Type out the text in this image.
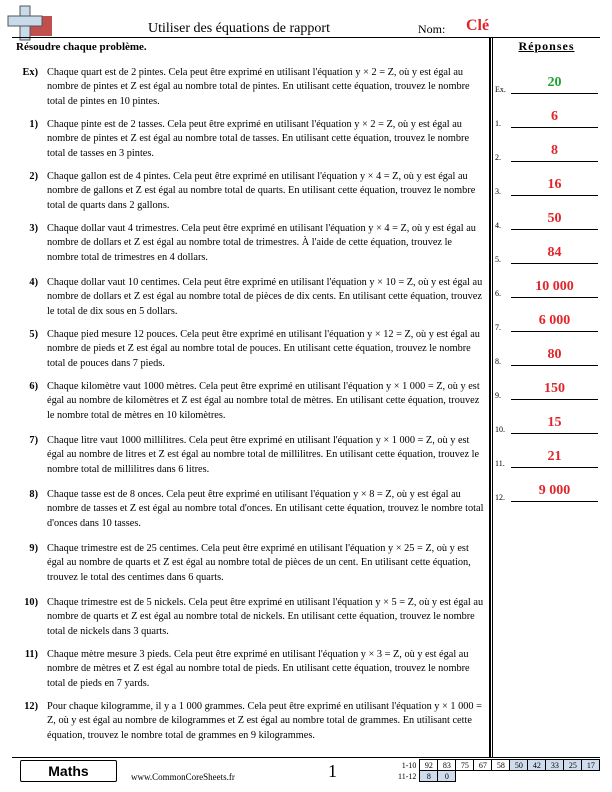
Utiliser des équations de rapport	Nom: Clé
Résoudre chaque problème.	Réponses
Ex) Chaque quart est de 2 pintes. Cela peut être exprimé en utilisant l'équation y × 2 = Z, où y est égal au nombre de pintes et Z est égal au nombre total de pintes. En utilisant cette équation, trouvez le nombre total de pintes en 10 pintes.
1) Chaque pinte est de 2 tasses. Cela peut être exprimé en utilisant l'équation y × 2 = Z, où y est égal au nombre de pintes et Z est égal au nombre total de tasses. En utilisant cette équation, trouvez le nombre total de tasses en 3 pintes.
2) Chaque gallon est de 4 pintes. Cela peut être exprimé en utilisant l'équation y × 4 = Z, où y est égal au nombre de gallons et Z est égal au nombre total de quarts. En utilisant cette équation, trouvez le nombre total de quarts dans 2 gallons.
3) Chaque dollar vaut 4 trimestres. Cela peut être exprimé en utilisant l'équation y × 4 = Z, où y est égal au nombre de dollars et Z est égal au nombre total de trimestres. À l'aide de cette équation, trouvez le nombre total de trimestres en 4 dollars.
4) Chaque dollar vaut 10 centimes. Cela peut être exprimé en utilisant l'équation y × 10 = Z, où y est égal au nombre de dollars et Z est égal au nombre total de pièces de dix cents. En utilisant cette équation, trouvez le total de dix sous en 5 dollars.
5) Chaque pied mesure 12 pouces. Cela peut être exprimé en utilisant l'équation y × 12 = Z, où y est égal au nombre de pieds et Z est égal au nombre total de pouces. En utilisant cette équation, trouvez le nombre total de pouces dans 7 pieds.
6) Chaque kilomètre vaut 1000 mètres. Cela peut être exprimé en utilisant l'équation y × 1 000 = Z, où y est égal au nombre de kilomètres et Z est égal au nombre total de mètres. En utilisant cette équation, trouvez le nombre total de mètres en 10 kilomètres.
7) Chaque litre vaut 1000 millilitres. Cela peut être exprimé en utilisant l'équation y × 1 000 = Z, où y est égal au nombre de litres et Z est égal au nombre total de millilitres. En utilisant cette équation, trouvez le nombre total de millilitres dans 6 litres.
8) Chaque tasse est de 8 onces. Cela peut être exprimé en utilisant l'équation y × 8 = Z, où y est égal au nombre de tasses et Z est égal au nombre total d'onces. En utilisant cette équation, trouvez le nombre total d'onces dans 10 tasses.
9) Chaque trimestre est de 25 centimes. Cela peut être exprimé en utilisant l'équation y × 25 = Z, où y est égal au nombre de quarts et Z est égal au nombre total de pièces de un cent. En utilisant cette équation, trouvez le total des centimes dans 6 quarts.
10) Chaque trimestre est de 5 nickels. Cela peut être exprimé en utilisant l'équation y × 5 = Z, où y est égal au nombre de quarts et Z est égal au nombre total de nickels. En utilisant cette équation, trouvez le nombre total de nickels dans 3 quarts.
11) Chaque mètre mesure 3 pieds. Cela peut être exprimé en utilisant l'équation y × 3 = Z, où y est égal au nombre de mètres et Z est égal au nombre total de pieds. En utilisant cette équation, trouvez le nombre total de pieds en 7 yards.
12) Pour chaque kilogramme, il y a 1 000 grammes. Cela peut être exprimé en utilisant l'équation y × 1 000 = Z, où y est égal au nombre de kilogrammes et Z est égal au nombre total de grammes. En utilisant cette équation, trouvez le nombre total de grammes en 9 kilogrammes.
Ex.	20
1.	6
2.	8
3.	16
4.	50
5.	84
6.	10 000
7.	6 000
8.	80
9.	150
10.	15
11.	21
12.	9 000
Maths	www.CommonCoreSheets.fr	1	1-10	92	83	75	67	58	50	42	33	25	17
11-12	8	0								
